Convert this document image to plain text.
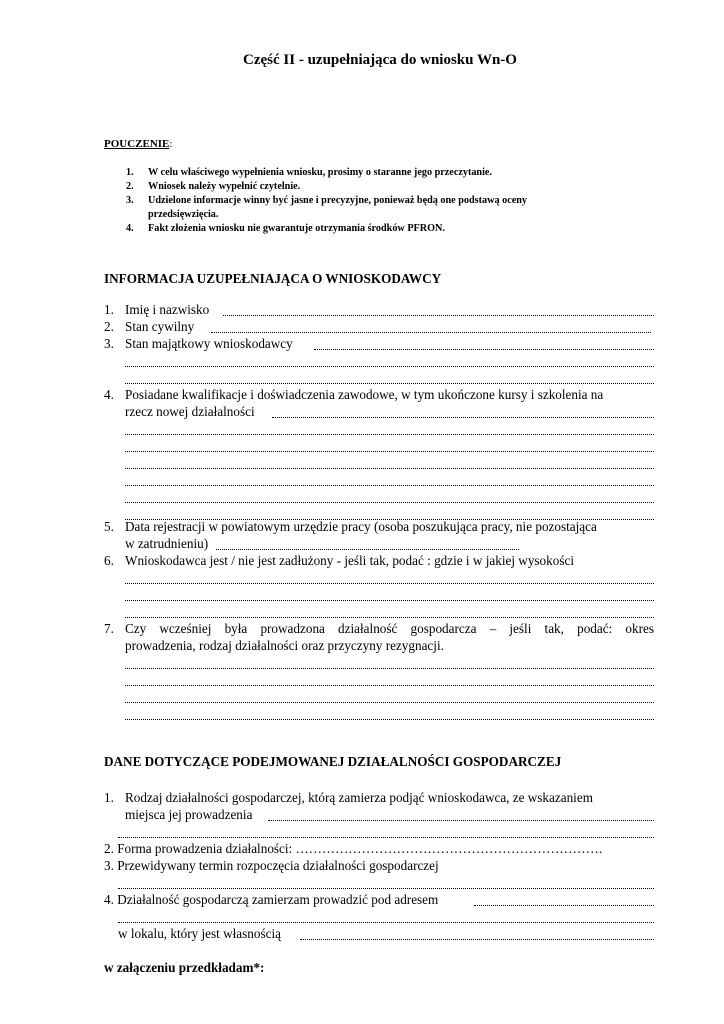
Część II - uzupełniająca do wniosku Wn-O
POUCZENIE:
1. W celu właściwego wypełnienia wniosku, prosimy o staranne jego przeczytanie.
2. Wniosek należy wypełnić czytelnie.
3. Udzielone informacje winny być jasne i precyzyjne, ponieważ będą one podstawą oceny
przedsięwzięcia.
4. Fakt złożenia wniosku nie gwarantuje otrzymania środków PFRON.
INFORMACJA UZUPEŁNIAJĄCA O WNIOSKODAWCY
1. Imię i nazwisko
2. Stan cywilny
3. Stan majątkowy wnioskodawcy
4. Posiadane kwalifikacje i doświadczenia zawodowe, w tym ukończone kursy i szkolenia na
rzecz nowej działalności
5. Data rejestracji w powiatowym urzędzie pracy (osoba poszukująca pracy, nie pozostająca
w zatrudnieniu)
6. Wnioskodawca jest / nie jest zadłużony - jeśli tak, podać : gdzie i w jakiej wysokości
7. Czy wcześniej była prowadzona działalność gospodarcza – jeśli tak, podać: okres
prowadzenia, rodzaj działalności oraz przyczyny rezygnacji.
DANE DOTYCZĄCE PODEJMOWANEJ DZIAŁALNOŚCI GOSPODARCZEJ
1. Rodzaj działalności gospodarczej, którą zamierza podjąć wnioskodawca, ze wskazaniem
miejsca jej prowadzenia
2. Forma prowadzenia działalności: …………………………………………………………….
3. Przewidywany termin rozpoczęcia działalności gospodarczej
4. Działalność gospodarczą zamierzam prowadzić pod adresem
w lokalu, który jest własnością
w załączeniu przedkładam*:
